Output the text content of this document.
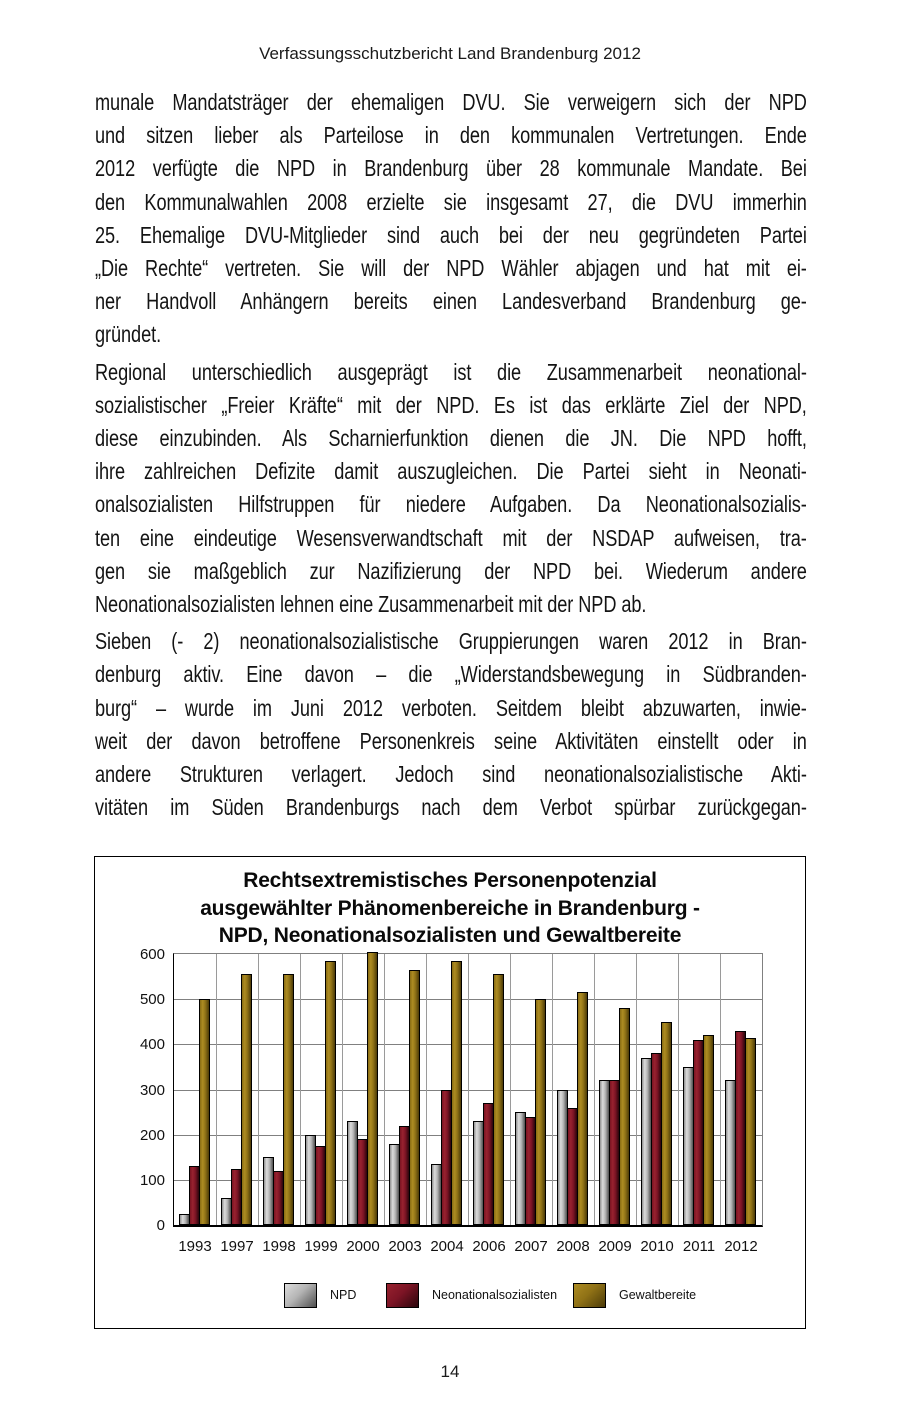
Verfassungsschutzbericht Land Brandenburg 2012
munale Mandatsträger der ehemaligen DVU. Sie verweigern sich der NPD
und sitzen lieber als Parteilose in den kommunalen Vertretungen. Ende
2012 verfügte die NPD in Brandenburg über 28 kommunale Mandate. Bei
den Kommunalwahlen 2008 erzielte sie insgesamt 27, die DVU immerhin
25. Ehemalige DVU-Mitglieder sind auch bei der neu gegründeten Partei
„Die Rechte“ vertreten. Sie will der NPD Wähler abjagen und hat mit ei-
ner Handvoll Anhängern bereits einen Landesverband Brandenburg ge-
gründet.
Regional unterschiedlich ausgeprägt ist die Zusammenarbeit neonational-
sozialistischer „Freier Kräfte“ mit der NPD. Es ist das erklärte Ziel der NPD,
diese einzubinden. Als Scharnierfunktion dienen die JN. Die NPD hofft,
ihre zahlreichen Defizite damit auszugleichen. Die Partei sieht in Neonati-
onalsozialisten Hilfstruppen für niedere Aufgaben. Da Neonationalsozialis-
ten eine eindeutige Wesensverwandtschaft mit der NSDAP aufweisen, tra-
gen sie maßgeblich zur Nazifizierung der NPD bei. Wiederum andere
Neonationalsozialisten lehnen eine Zusammenarbeit mit der NPD ab.
Sieben (- 2) neonationalsozialistische Gruppierungen waren 2012 in Bran-
denburg aktiv. Eine davon – die „Widerstandsbewegung in Südbranden-
burg“ – wurde im Juni 2012 verboten. Seitdem bleibt abzuwarten, inwie-
weit der davon betroffene Personenkreis seine Aktivitäten einstellt oder in
andere Strukturen verlagert. Jedoch sind neonationalsozialistische Akti-
vitäten im Süden Brandenburgs nach dem Verbot spürbar zurückgegan-
Rechtsextremistisches Personenpotenzial
ausgewählter Phänomenbereiche in Brandenburg -
NPD, Neonationalsozialisten und Gewaltbereite
0
100
200
300
400
500
600
1993 1997 1998 1999 2000 2003 2004 2006 2007 2008 2009 2010 2011 2012
NPD	Neonationalsozialisten	Gewaltbereite
14
